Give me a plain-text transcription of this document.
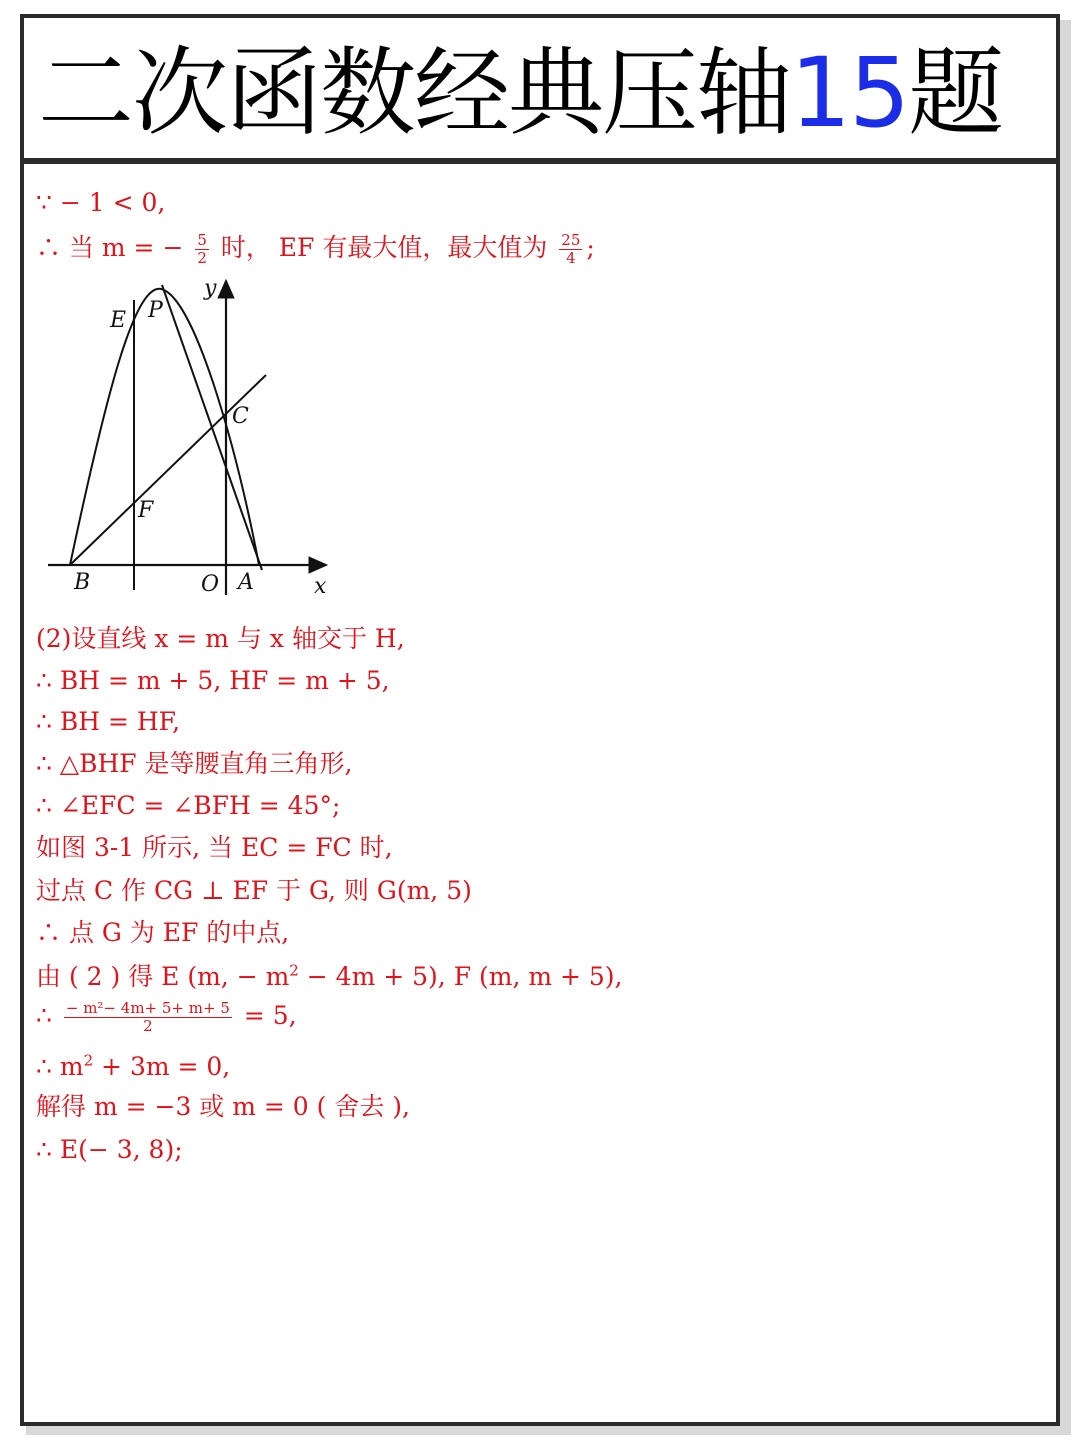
二次函数经典压轴15题
∵ − 1 < 0,
∴ 当 m = − $\frac{5}{2}$ 时， EF 有最大值，最大值为 $\frac{25}{4}$ ;
y
x
E P
C
F
B	O A
(2)设直线 x = m 与 x 轴交于 H,
∴ BH = m + 5, HF = m + 5,
∴ BH = HF,
∴ △BHF 是等腰直角三角形,
∴ ∠EFC = ∠BFH = 45°;
如图 3-1 所示, 当 EC = FC 时,
过点 C 作 CG ⊥ EF 于 G, 则 G(m, 5)
∴ 点 G 为 EF 的中点,
由 ( 2 ) 得 E (m, − $m^2 - 4m + 5$), F (m, m + 5),
∴ $\frac{\text{− m²− 4m+ 5+ m+ 5}}{2} = 5$,
∴ $m^2 + 3m = 0$,
解得 m = −3 或 m = 0 ( 舍去 ),
∴ E(− 3, 8);
